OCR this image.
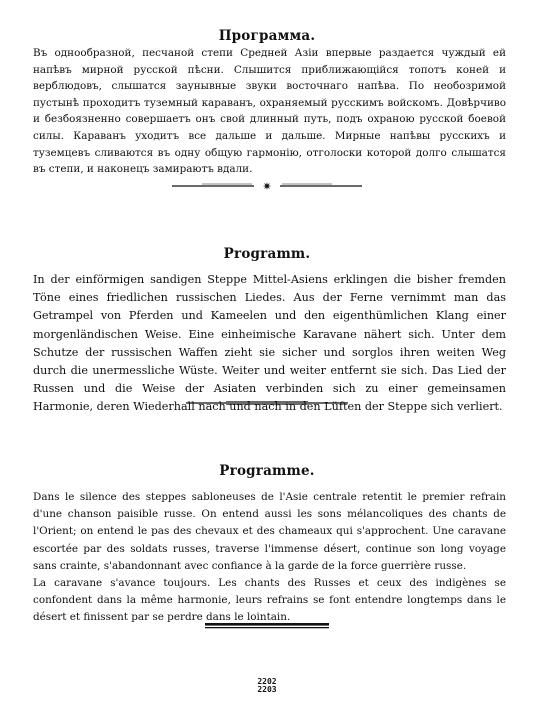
Программа.

Въ однообразной, песчаной степи Средней Азіи впервые раздается чуждый ей напѣвъ мирной русской пѣсни. Слышится приближающійся топотъ коней и верблюдовъ, слышатся заунывные звуки восточнаго напѣва. По необозримой пустынѣ проходитъ туземный караванъ, охраняемый русскимъ войскомъ. Довѣрчиво и безбоязненно совершаетъ онъ свой длинный путь, подъ охраною русской боевой силы. Караванъ уходитъ все дальше и дальше. Мирные напѣвы русскихъ и туземцевъ сливаются въ одну общую гармонію, отголоски которой долго слышатся въ степи, и наконецъ замираютъ вдали.

✷
Programm.

In der einförmigen sandigen Steppe Mittel-Asiens erklingen die bisher fremden Töne eines friedlichen russischen Liedes. Aus der Ferne vernimmt man das Getrampel von Pferden und Kameelen und den eigenthümlichen Klang einer morgenländischen Weise. Eine einheimische Karavane nähert sich. Unter dem Schutze der russischen Waffen zieht sie sicher und sorglos ihren weiten Weg durch die unermessliche Wüste. Weiter und weiter entfernt sie sich. Das Lied der Russen und die Weise der Asiaten verbinden sich zu einer gemeinsamen Harmonie, deren Wiederhall nach und nach in den Lüften der Steppe sich verliert.

Programme.

Dans le silence des steppes sabloneuses de l'Asie centrale retentit le premier refrain d'une chanson paisible russe. On entend aussi les sons mélancoliques des chants de l'Orient; on entend le pas des chevaux et des chameaux qui s'approchent. Une caravane escortée par des soldats russes, traverse l'immense désert, continue son long voyage sans crainte, s'abandonnant avec confiance à la garde de la force guerrière russe.

La caravane s'avance toujours. Les chants des Russes et ceux des indigènes se confondent dans la même harmonie, leurs refrains se font entendre longtemps dans le désert et finissent par se perdre dans le lointain.

2202
2203
